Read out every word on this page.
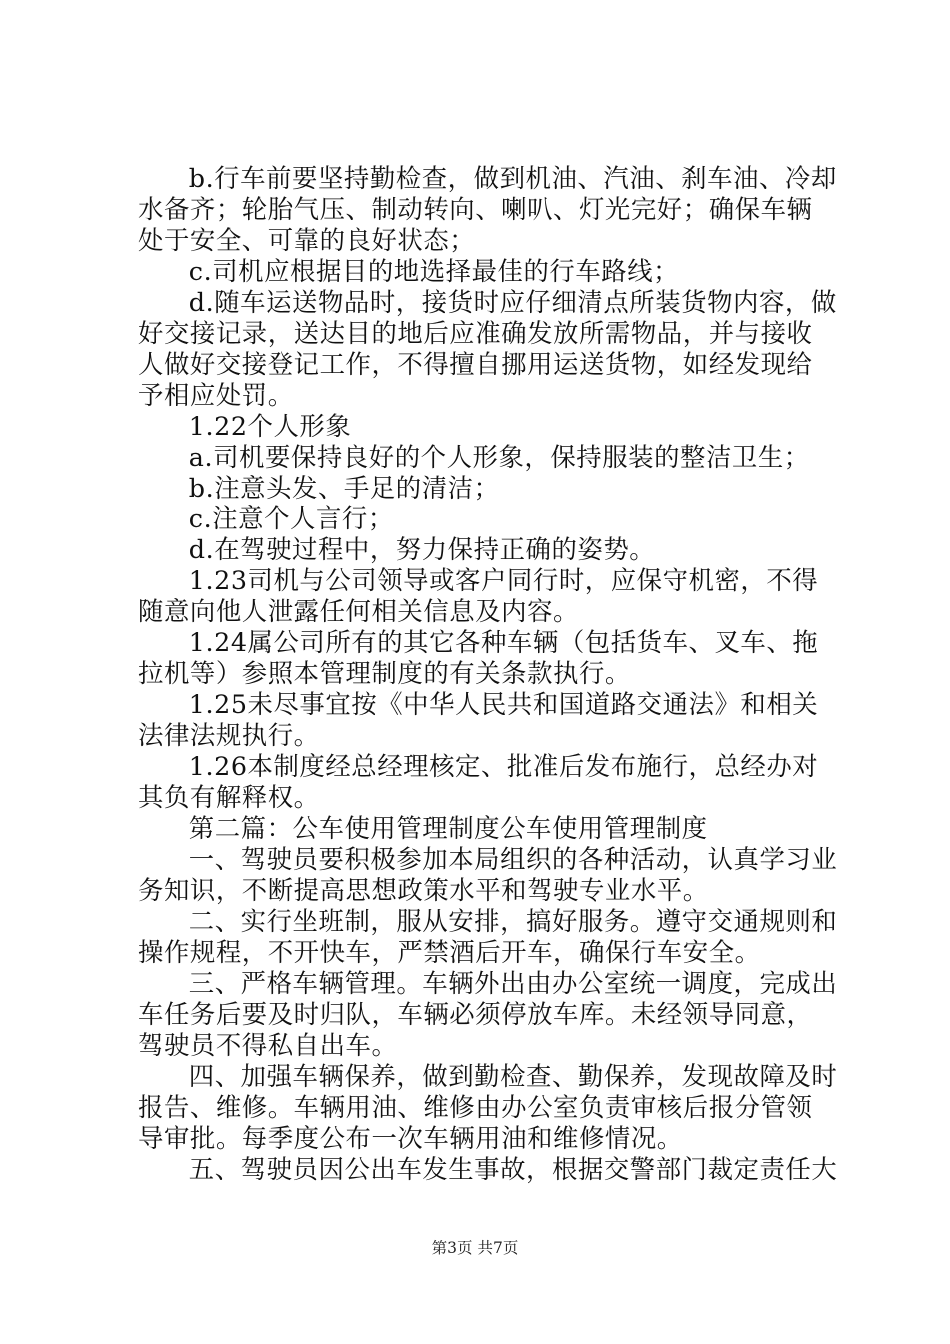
b.行车前要坚持勤检查，做到机油、汽油、刹车油、冷却水备齐；轮胎气压、制动转向、喇叭、灯光完好；确保车辆处于安全、可靠的良好状态；

c.司机应根据目的地选择最佳的行车路线；

d.随车运送物品时，接货时应仔细清点所装货物内容，做好交接记录，送达目的地后应准确发放所需物品，并与接收人做好交接登记工作，不得擅自挪用运送货物，如经发现给予相应处罚。

1.22个人形象

a.司机要保持良好的个人形象，保持服装的整洁卫生；

b.注意头发、手足的清洁；

c.注意个人言行；

d.在驾驶过程中，努力保持正确的姿势。

1.23司机与公司领导或客户同行时，应保守机密，不得随意向他人泄露任何相关信息及内容。

1.24属公司所有的其它各种车辆（包括货车、叉车、拖拉机等）参照本管理制度的有关条款执行。

1.25未尽事宜按《中华人民共和国道路交通法》和相关法律法规执行。

1.26本制度经总经理核定、批准后发布施行，总经办对其负有解释权。

第二篇：公车使用管理制度公车使用管理制度

一、驾驶员要积极参加本局组织的各种活动，认真学习业务知识，不断提高思想政策水平和驾驶专业水平。

二、实行坐班制，服从安排，搞好服务。遵守交通规则和操作规程，不开快车，严禁酒后开车，确保行车安全。

三、严格车辆管理。车辆外出由办公室统一调度，完成出车任务后要及时归队，车辆必须停放车库。未经领导同意，驾驶员不得私自出车。

四、加强车辆保养，做到勤检查、勤保养，发现故障及时报告、维修。车辆用油、维修由办公室负责审核后报分管领导审批。每季度公布一次车辆用油和维修情况。

五、驾驶员因公出车发生事故，根据交警部门裁定责任大

第3页 共7页
